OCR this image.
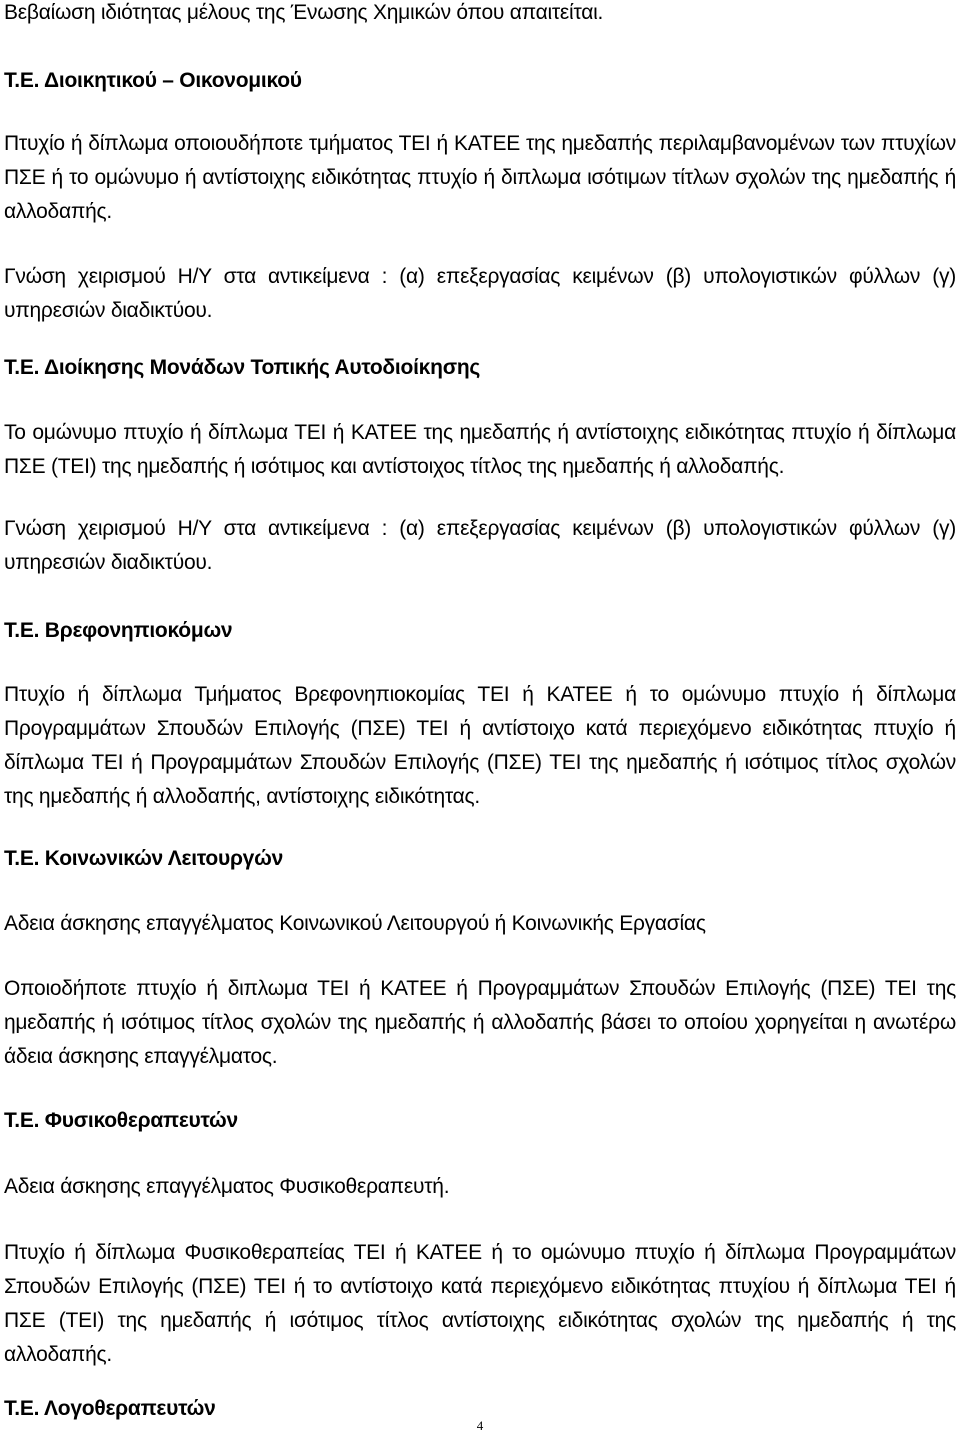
Βεβαίωση ιδιότητας μέλους της Ένωσης Χημικών όπου απαιτείται.

Τ.Ε. Διοικητικού – Οικονομικού

Πτυχίο ή δίπλωμα οποιουδήποτε τμήματος ΤΕΙ ή ΚΑΤΕΕ της ημεδαπής περιλαμβανομένων των πτυχίων ΠΣΕ ή το ομώνυμο ή αντίστοιχης ειδικότητας πτυχίο ή διπλωμα ισότιμων τίτλων σχολών της ημεδαπής ή αλλοδαπής.

Γνώση χειρισμού Η/Υ στα αντικείμενα : (α) επεξεργασίας κειμένων (β) υπολογιστικών φύλλων (γ) υπηρεσιών διαδικτύου.

Τ.Ε. Διοίκησης Μονάδων Τοπικής Αυτοδιοίκησης

Το ομώνυμο πτυχίο ή δίπλωμα ΤΕΙ ή ΚΑΤΕΕ της ημεδαπής ή αντίστοιχης ειδικότητας πτυχίο ή δίπλωμα ΠΣΕ (ΤΕΙ) της ημεδαπής ή ισότιμος και αντίστοιχος τίτλος της ημεδαπής ή αλλοδαπής.

Γνώση χειρισμού Η/Υ στα αντικείμενα : (α) επεξεργασίας κειμένων (β) υπολογιστικών φύλλων (γ) υπηρεσιών διαδικτύου.

Τ.Ε. Βρεφονηπιοκόμων

Πτυχίο ή δίπλωμα Τμήματος Βρεφονηπιοκομίας ΤΕΙ ή ΚΑΤΕΕ ή το ομώνυμο πτυχίο ή δίπλωμα Προγραμμάτων Σπουδών Επιλογής (ΠΣΕ) ΤΕΙ ή αντίστοιχο κατά περιεχόμενο ειδικότητας πτυχίο ή δίπλωμα ΤΕΙ ή Προγραμμάτων Σπουδών Επιλογής (ΠΣΕ) ΤΕΙ της ημεδαπής ή ισότιμος τίτλος σχολών της ημεδαπής ή αλλοδαπής, αντίστοιχης ειδικότητας.

Τ.Ε. Κοινωνικών Λειτουργών

Αδεια άσκησης επαγγέλματος Κοινωνικού Λειτουργού ή Κοινωνικής Εργασίας

Οποιοδήποτε πτυχίο ή διπλωμα ΤΕΙ ή ΚΑΤΕΕ ή Προγραμμάτων Σπουδών Επιλογής (ΠΣΕ) ΤΕΙ της ημεδαπής ή ισότιμος τίτλος σχολών της ημεδαπής ή αλλοδαπής βάσει το οποίου χορηγείται η ανωτέρω άδεια άσκησης επαγγέλματος.

Τ.Ε. Φυσικοθεραπευτών

Αδεια άσκησης επαγγέλματος Φυσικοθεραπευτή.

Πτυχίο ή δίπλωμα Φυσικοθεραπείας ΤΕΙ ή ΚΑΤΕΕ ή το ομώνυμο πτυχίο ή δίπλωμα Προγραμμάτων Σπουδών Επιλογής (ΠΣΕ) ΤΕΙ ή το αντίστοιχο κατά περιεχόμενο ειδικότητας πτυχίου ή δίπλωμα ΤΕΙ ή ΠΣΕ (ΤΕΙ) της ημεδαπής ή ισότιμος τίτλος αντίστοιχης ειδικότητας σχολών της ημεδαπής ή της αλλοδαπής.

Τ.Ε. Λογοθεραπευτών
4
